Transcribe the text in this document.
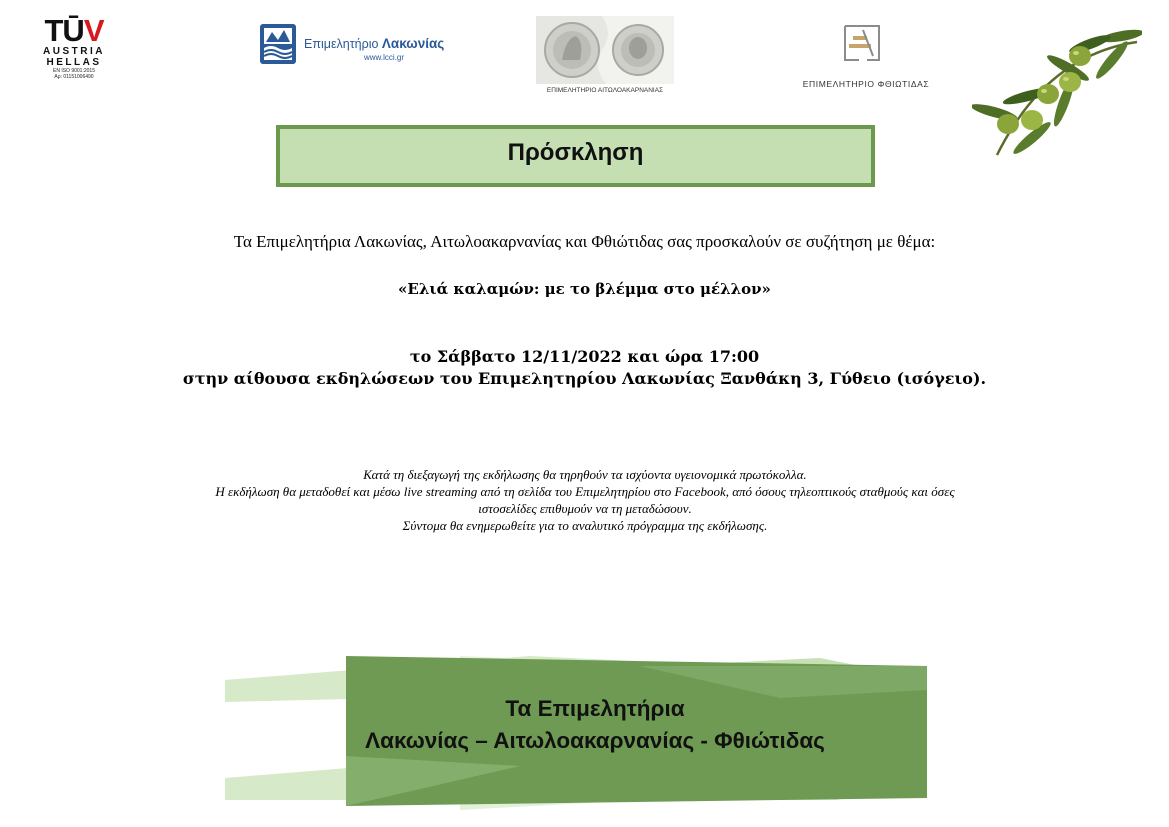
TŪV
AUSTRIA
HELLAS
EN ISO 9001:2015
Αρ: 01151006490
Επιμελητήριο Λακωνίας
www.lcci.gr
ΕΠΙΜΕΛΗΤΗΡΙΟ ΑΙΤΩΛΟΑΚΑΡΝΑΝΙΑΣ
ΕΠΙΜΕΛΗΤΗΡΙΟ ΦΘΙΩΤΙΔΑΣ
Πρόσκληση
Τα Επιμελητήρια Λακωνίας, Αιτωλοακαρνανίας και Φθιώτιδας σας προσκαλούν σε συζήτηση με θέμα:
«Ελιά καλαμών: με το βλέμμα στο μέλλον»
το Σάββατο 12/11/2022 και ώρα 17:00
στην αίθουσα εκδηλώσεων του Επιμελητηρίου Λακωνίας Ξανθάκη 3, Γύθειο (ισόγειο).
Κατά τη διεξαγωγή της εκδήλωσης θα τηρηθούν τα ισχύοντα υγειονομικά πρωτόκολλα.
Η εκδήλωση θα μεταδοθεί και μέσω live streaming από τη σελίδα του Επιμελητηρίου στο Facebook, από όσους τηλεοπτικούς σταθμούς και όσες
ιστοσελίδες επιθυμούν να τη μεταδώσουν.
Σύντομα θα ενημερωθείτε για το αναλυτικό πρόγραμμα της εκδήλωσης.
Τα Επιμελητήρια
Λακωνίας – Αιτωλοακαρνανίας - Φθιώτιδας
